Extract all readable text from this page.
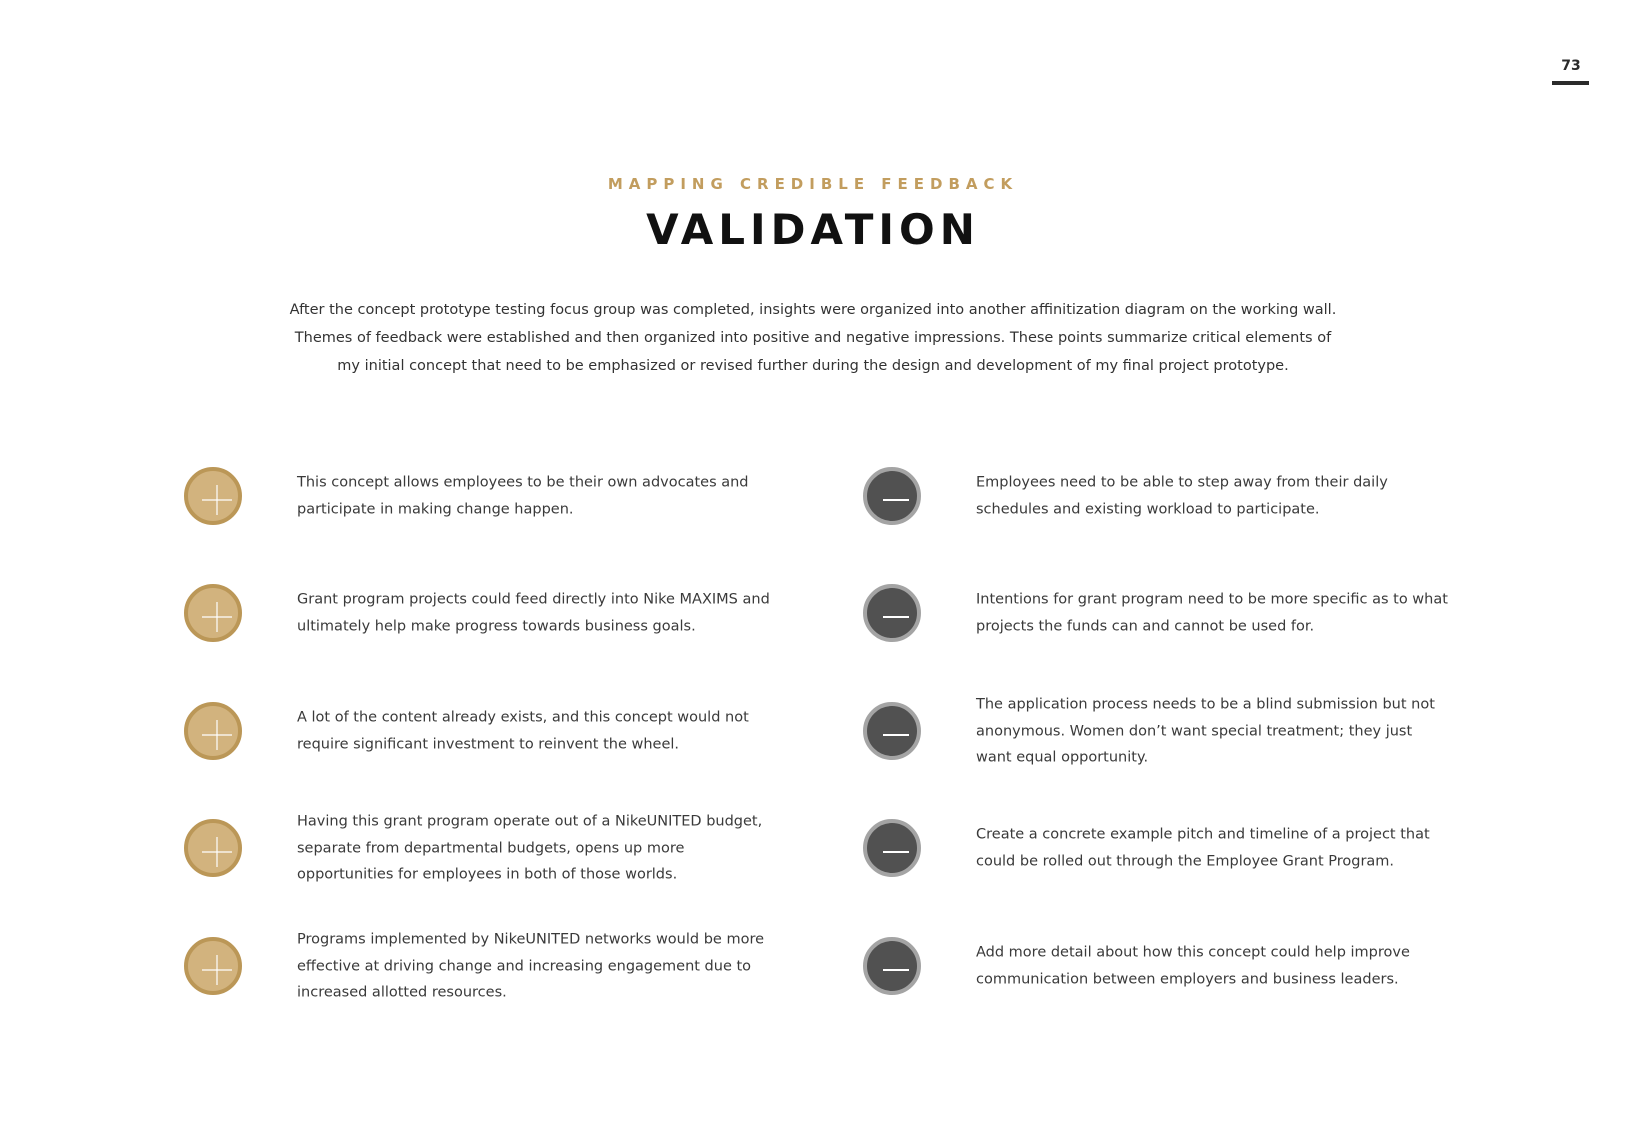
73
MAPPING CREDIBLE FEEDBACK
VALIDATION
After the concept prototype testing focus group was completed, insights were organized into another affinitization diagram on the working wall. Themes of feedback were established and then organized into positive and negative impressions. These points summarize critical elements of my initial concept that need to be emphasized or revised further during the design and development of my final project prototype.
This concept allows employees to be their own advocates and participate in making change happen.
Grant program projects could feed directly into Nike MAXIMS and ultimately help make progress towards business goals.
A lot of the content already exists, and this concept would not require significant investment to reinvent the wheel.
Having this grant program operate out of a NikeUNITED budget, separate from departmental budgets, opens up more opportunities for employees in both of those worlds.
Programs implemented by NikeUNITED networks would be more effective at driving change and increasing engagement due to increased allotted resources.
Employees need to be able to step away from their daily schedules and existing workload to participate.
Intentions for grant program need to be more specific as to what projects the funds can and cannot be used for.
The application process needs to be a blind submission but not anonymous. Women don’t want special treatment; they just want equal opportunity.
Create a concrete example pitch and timeline of a project that could be rolled out through the Employee Grant Program.
Add more detail about how this concept could help improve communication between employers and business leaders.
